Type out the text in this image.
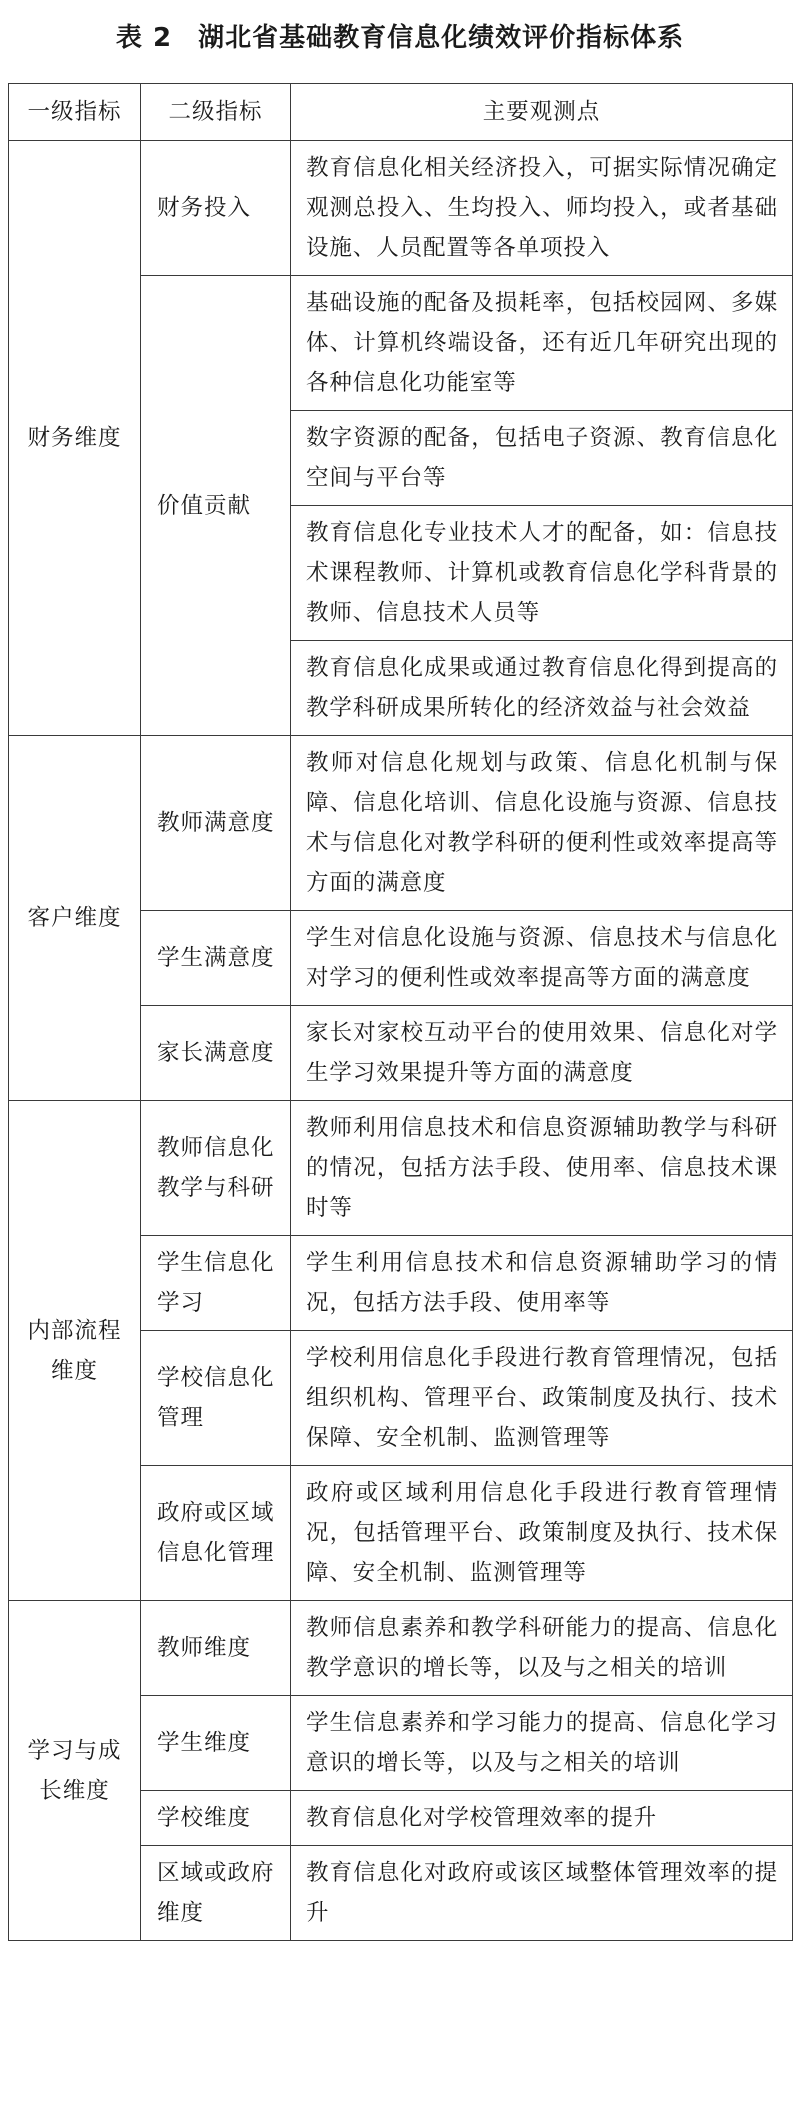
表 2 湖北省基础教育信息化绩效评价指标体系
一级指标	二级指标	主要观测点
财务维度	财务投入	教育信息化相关经济投入，可据实际情况确定观测总投入、生均投入、师均投入，或者基础设施、人员配置等各单项投入
	价值贡献	基础设施的配备及损耗率，包括校园网、多媒体、计算机终端设备，还有近几年研究出现的各种信息化功能室等
		数字资源的配备，包括电子资源、教育信息化空间与平台等
		教育信息化专业技术人才的配备，如：信息技术课程教师、计算机或教育信息化学科背景的教师、信息技术人员等
		教育信息化成果或通过教育信息化得到提高的教学科研成果所转化的经济效益与社会效益
客户维度	教师满意度	教师对信息化规划与政策、信息化机制与保障、信息化培训、信息化设施与资源、信息技术与信息化对教学科研的便利性或效率提高等方面的满意度
	学生满意度	学生对信息化设施与资源、信息技术与信息化对学习的便利性或效率提高等方面的满意度
	家长满意度	家长对家校互动平台的使用效果、信息化对学生学习效果提升等方面的满意度
内部流程维度	教师信息化教学与科研	教师利用信息技术和信息资源辅助教学与科研的情况，包括方法手段、使用率、信息技术课时等
	学生信息化学习	学生利用信息技术和信息资源辅助学习的情况，包括方法手段、使用率等
	学校信息化管理	学校利用信息化手段进行教育管理情况，包括组织机构、管理平台、政策制度及执行、技术保障、安全机制、监测管理等
	政府或区域信息化管理	政府或区域利用信息化手段进行教育管理情况，包括管理平台、政策制度及执行、技术保障、安全机制、监测管理等
学习与成长维度	教师维度	教师信息素养和教学科研能力的提高、信息化教学意识的增长等，以及与之相关的培训
	学生维度	学生信息素养和学习能力的提高、信息化学习意识的增长等，以及与之相关的培训
	学校维度	教育信息化对学校管理效率的提升
	区域或政府维度	教育信息化对政府或该区域整体管理效率的提升
